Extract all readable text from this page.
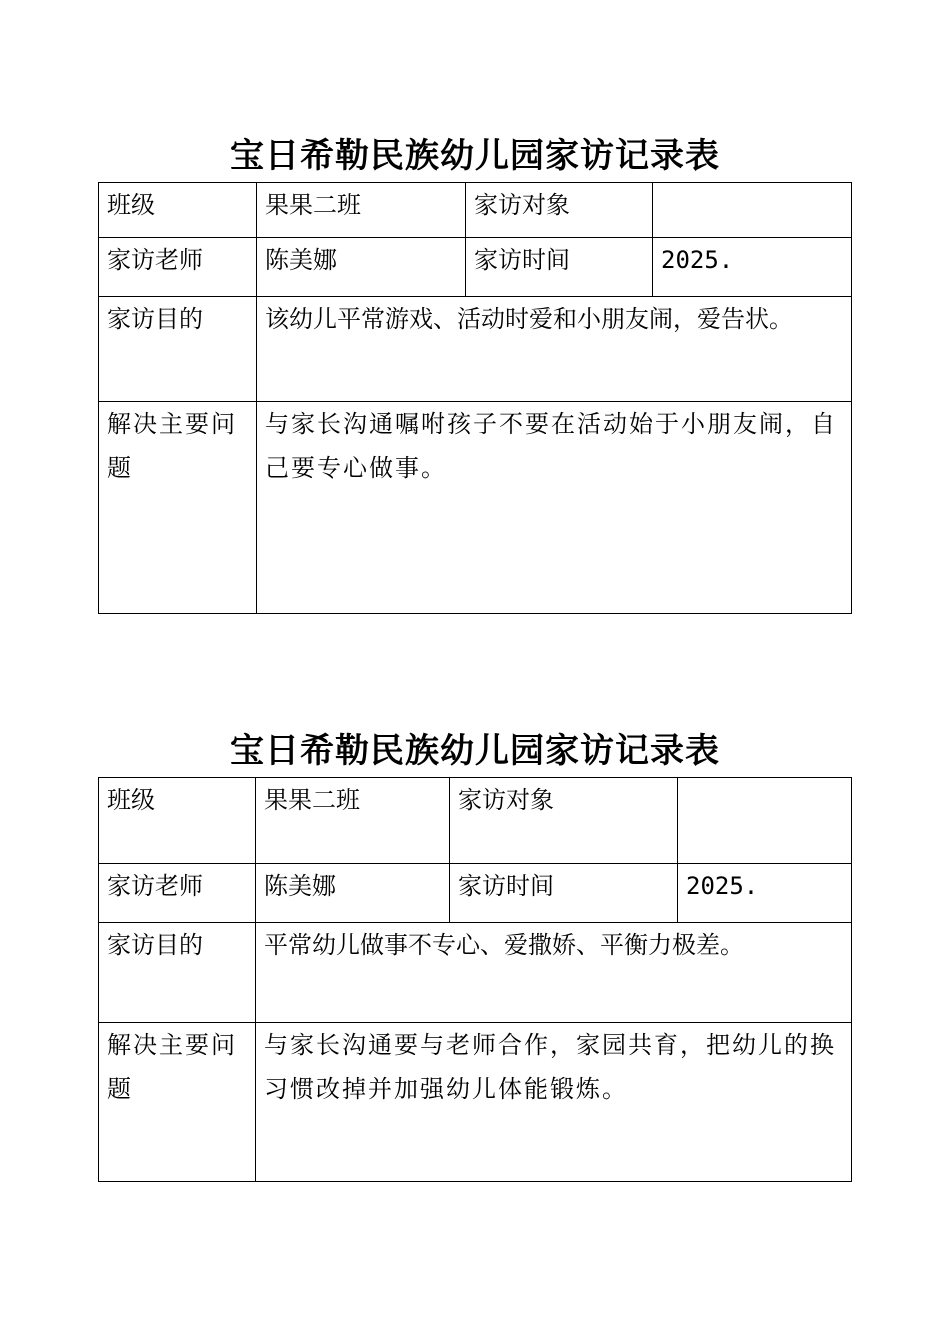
宝日希勒民族幼儿园家访记录表
班级	果果二班	家访对象	
家访老师	陈美娜	家访时间	2025.
家访目的	该幼儿平常游戏、活动时爱和小朋友闹，爱告状。		
解决主要问题	与家长沟通嘱咐孩子不要在活动始于小朋友闹，自己要专心做事。		
宝日希勒民族幼儿园家访记录表
班级	果果二班	家访对象	
家访老师	陈美娜	家访时间	2025.
家访目的	平常幼儿做事不专心、爱撒娇、平衡力极差。		
解决主要问题	与家长沟通要与老师合作，家园共育，把幼儿的换习惯改掉并加强幼儿体能锻炼。		
